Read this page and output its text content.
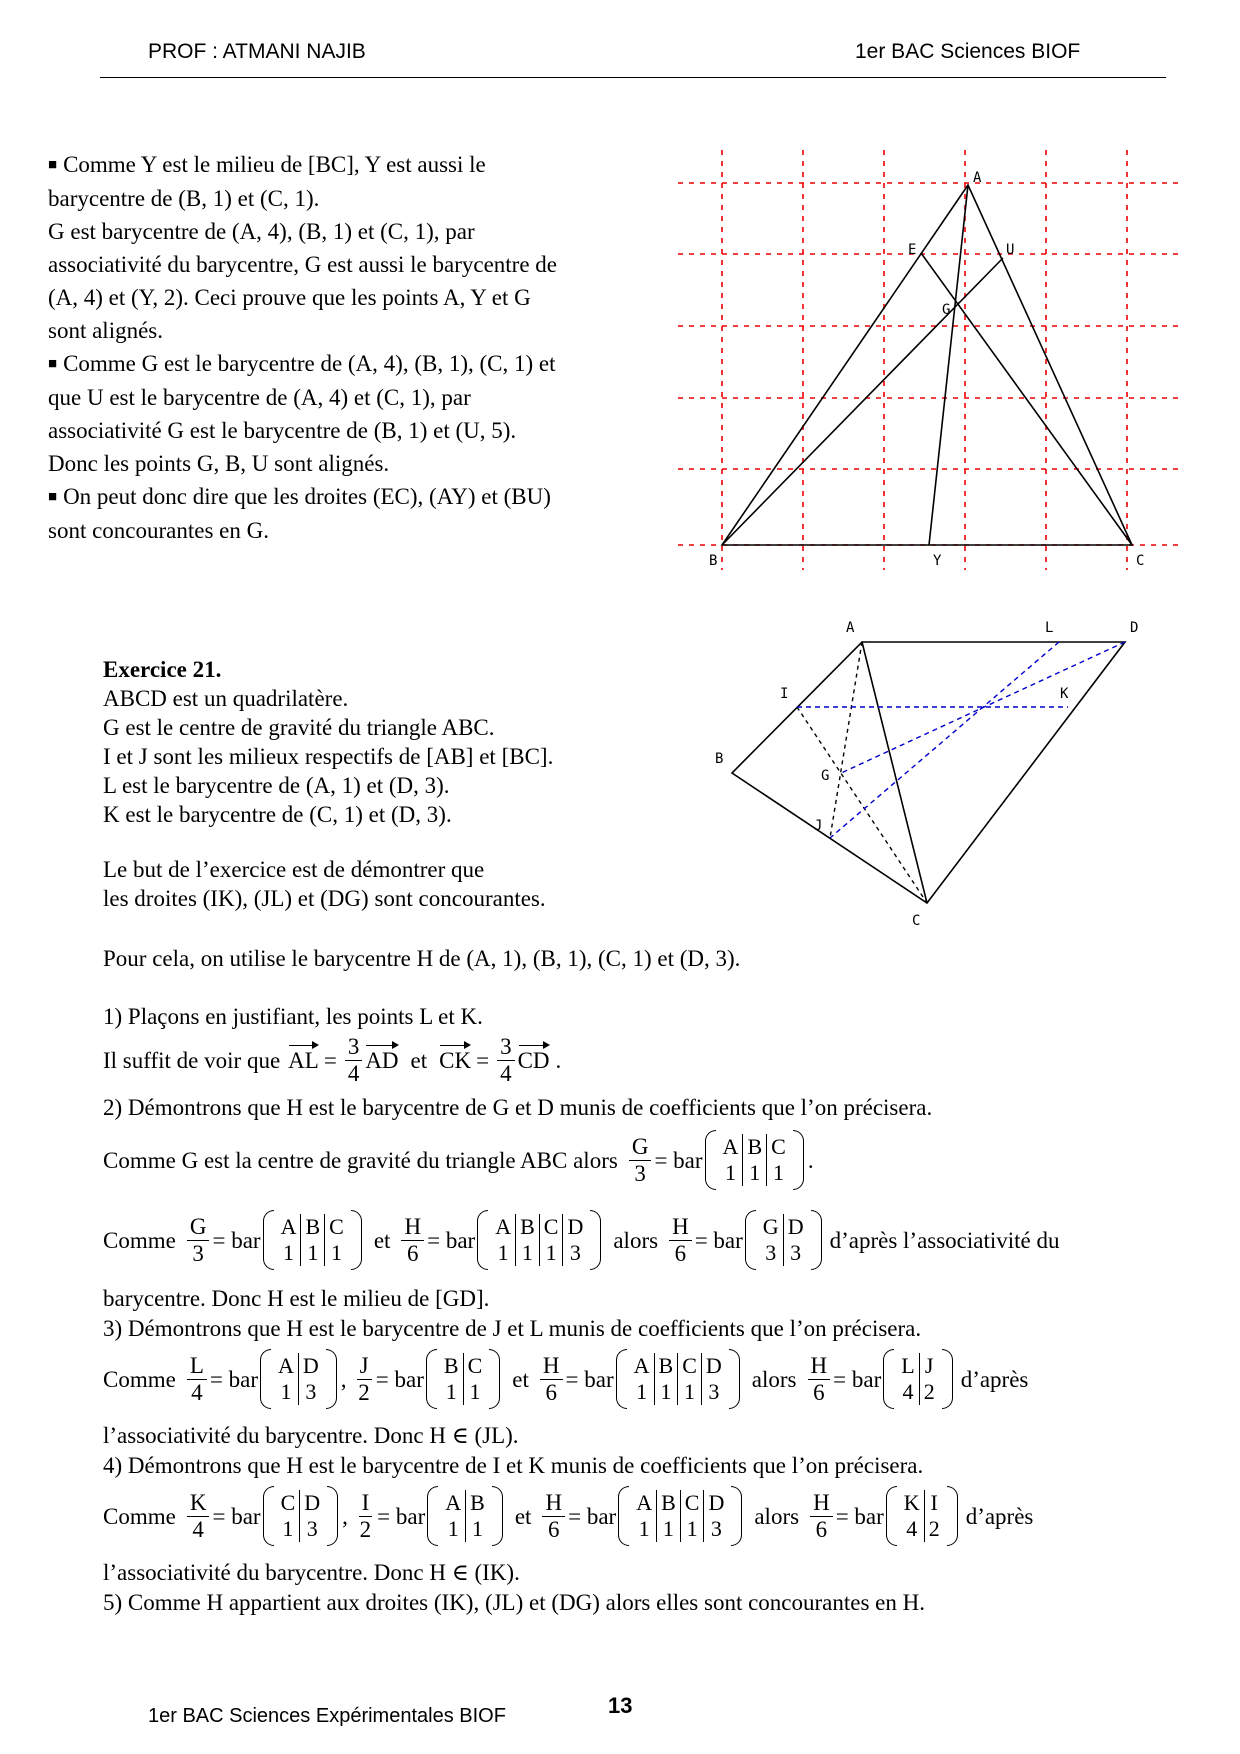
PROF : ATMANI NAJIB	1er BAC Sciences BIOF

■ Comme Y est le milieu de [BC], Y est aussi le barycentre de (B, 1) et (C, 1).

G est barycentre de (A, 4), (B, 1) et (C, 1), par associativité du barycentre, G est aussi le barycentre de (A, 4) et (Y, 2). Ceci prouve que les points A, Y et G sont alignés.

■ Comme G est le barycentre de (A, 4), (B, 1), (C, 1) et que U est le barycentre de (A, 4) et (C, 1), par associativité G est le barycentre de (B, 1) et (U, 5). Donc les points G, B, U sont alignés.

■ On peut donc dire que les droites (EC), (AY) et (BU) sont concourantes en G.

A
E	U
G
B	Y	C
A	L	D
I	K
B
G
J
C

Exercice 21.

ABCD est un quadrilatère.

G est le centre de gravité du triangle ABC.

I et J sont les milieux respectifs de [AB] et [BC].

L est le barycentre de (A, 1) et (D, 3).

K est le barycentre de (C, 1) et (D, 3).

Le but de l’exercice est de démontrer que

les droites (IK), (JL) et (DG) sont concourantes.

Pour cela, on utilise le barycentre H de (A, 1), (B, 1), (C, 1) et (D, 3).
1) Plaçons en justifiant, les points L et K.
Il suffit de voir que AL = $\frac{3}{4}$ AD et CK = $\frac{3}{4}$ CD .
2) Démontrons que H est le barycentre de G et D munis de coefficients que l’on précisera.
Comme G est la centre de gravité du triangle ABC alors $\frac{G}{3}$ =
bar
A	B	C
1	1	1 .
Comme $\frac{G}{3}$ =
bar
A	B	C
1	1	1 et $\frac{H}{6}$ =
bar
A	B	C	D
1	1	1	3 alors $\frac{H}{6}$ =
bar
G	D
3	3 d’après l’associativité du
barycentre. Donc H est le milieu de [GD].
3) Démontrons que H est le barycentre de J et L munis de coefficients que l’on précisera.
Comme $\frac{L}{4}$ =
bar
A	D
1	3 , $\frac{J}{2}$ =
bar
B	C
1	1 et $\frac{H}{6}$ =
bar
A	B	C	D
1	1	1	3 alors $\frac{H}{6}$ =
bar
L	J
4	2 d’après
l’associativité du barycentre. Donc H ∈ (JL).
4) Démontrons que H est le barycentre de I et K munis de coefficients que l’on précisera.
Comme $\frac{K}{4}$ =
bar
C	D
1	3 , $\frac{I}{2}$ =
bar
A	B
1	1 et $\frac{H}{6}$ =
bar
A	B	C	D
1	1	1	3 alors $\frac{H}{6}$ =
bar
K	I
4	2 d’après
l’associativité du barycentre. Donc H ∈ (IK).
5) Comme H appartient aux droites (IK), (JL) et (DG) alors elles sont concourantes en H.
1er BAC Sciences Expérimentales BIOF	13
